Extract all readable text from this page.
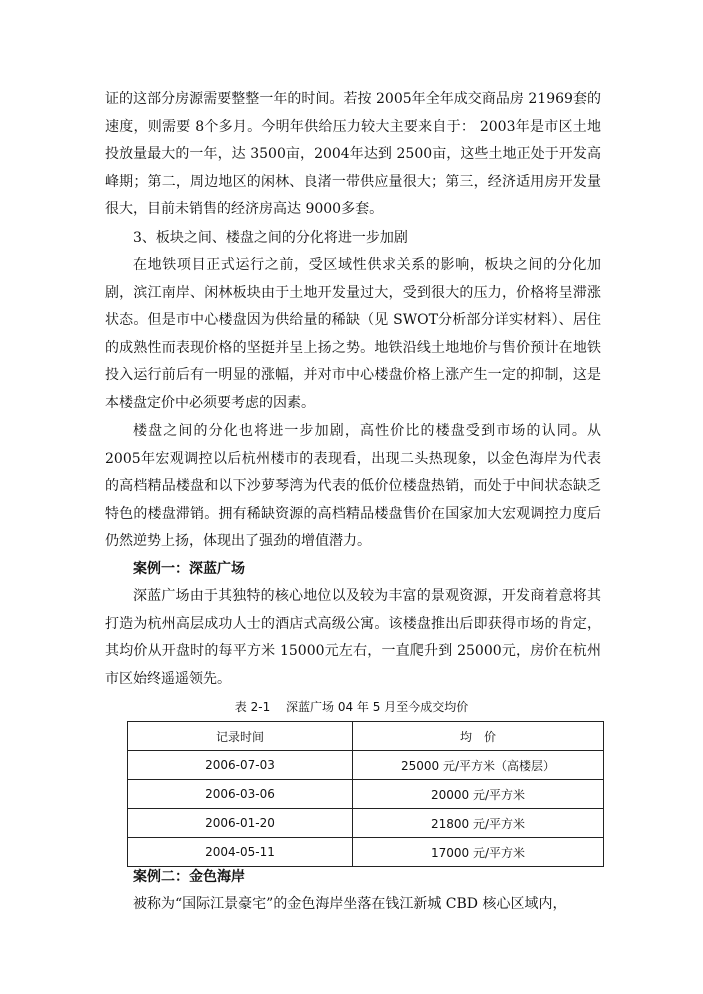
证的这部分房源需要整整一年的时间。若按 2005年全年成交商品房 21969套的速度，则需要 8个多月。今明年供给压力较大主要来自于： 2003年是市区土地投放量最大的一年，达 3500亩，2004年达到 2500亩，这些土地正处于开发高峰期；第二，周边地区的闲林、良渚一带供应量很大；第三，经济适用房开发量很大，目前未销售的经济房高达 9000多套。

3、板块之间、楼盘之间的分化将进一步加剧

在地铁项目正式运行之前，受区域性供求关系的影响，板块之间的分化加剧，滨江南岸、闲林板块由于土地开发量过大，受到很大的压力，价格将呈滞涨状态。但是市中心楼盘因为供给量的稀缺（见 SWOT分析部分详实材料）、居住的成熟性而表现价格的坚挺并呈上扬之势。地铁沿线土地地价与售价预计在地铁投入运行前后有一明显的涨幅，并对市中心楼盘价格上涨产生一定的抑制，这是本楼盘定价中必须要考虑的因素。

楼盘之间的分化也将进一步加剧，高性价比的楼盘受到市场的认同。从 2005年宏观调控以后杭州楼市的表现看，出现二头热现象，以金色海岸为代表的高档精品楼盘和以下沙萝琴湾为代表的低价位楼盘热销，而处于中间状态缺乏特色的楼盘滞销。拥有稀缺资源的高档精品楼盘售价在国家加大宏观调控力度后仍然逆势上扬，体现出了强劲的增值潜力。

案例一：深蓝广场

深蓝广场由于其独特的核心地位以及较为丰富的景观资源，开发商着意将其打造为杭州高层成功人士的酒店式高级公寓。该楼盘推出后即获得市场的肯定，其均价从开盘时的每平方米 15000元左右，一直爬升到 25000元，房价在杭州市区始终遥遥领先。

表 2-1　 深蓝广场 04 年 5 月至今成交均价
记录时间	均　价
2006-07-03	25000 元/平方米（高楼层）
2006-03-06	20000 元/平方米
2006-01-20	21800 元/平方米
2004-05-11	17000 元/平方米

案例二：金色海岸

被称为“国际江景豪宅”的金色海岸坐落在钱江新城 CBD 核心区域内，
